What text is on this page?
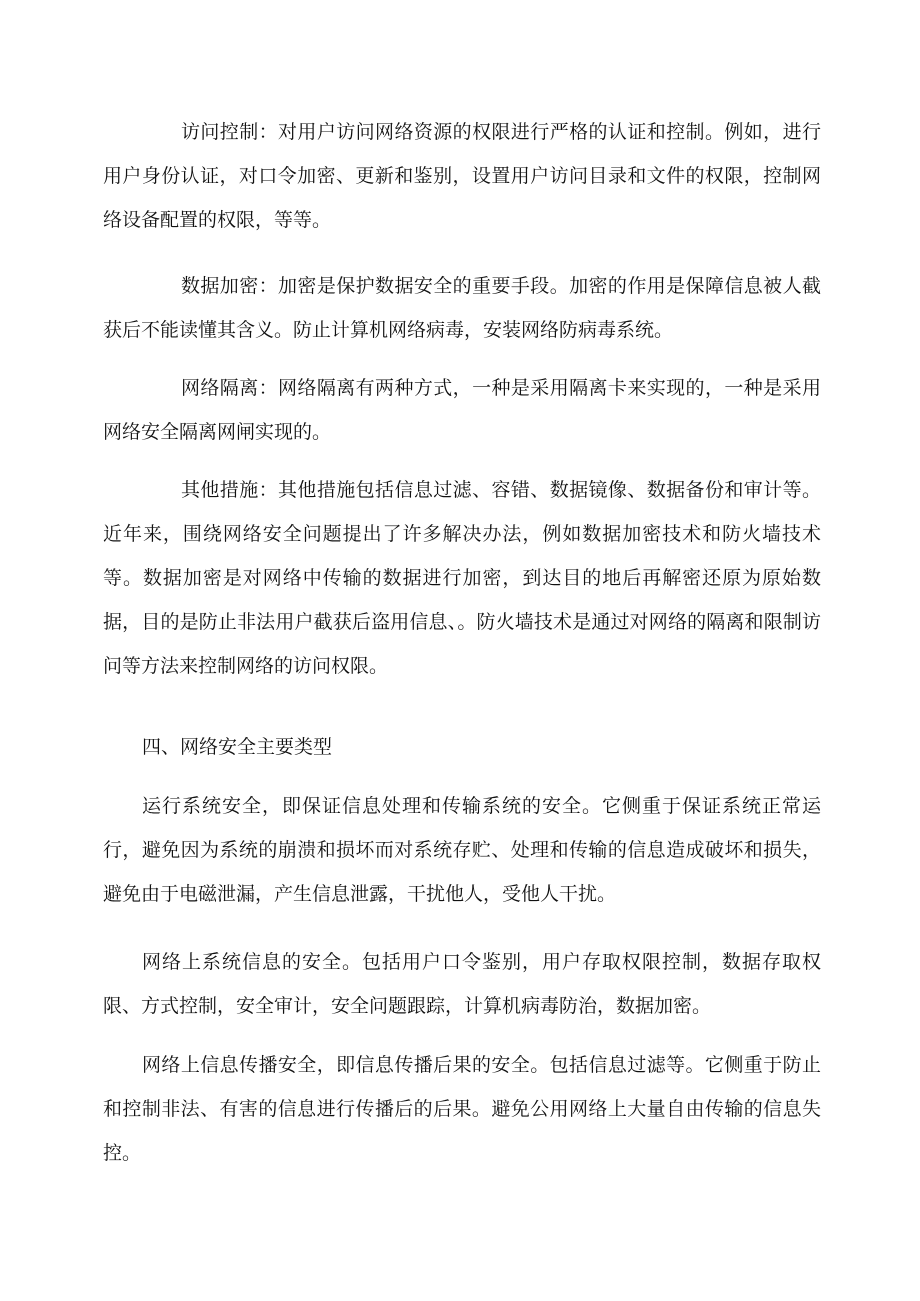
访问控制：对用户访问网络资源的权限进行严格的认证和控制。例如，进行用户身份认证，对口令加密、更新和鉴别，设置用户访问目录和文件的权限，控制网络设备配置的权限，等等。

数据加密：加密是保护数据安全的重要手段。加密的作用是保障信息被人截获后不能读懂其含义。防止计算机网络病毒，安装网络防病毒系统。

网络隔离：网络隔离有两种方式，一种是采用隔离卡来实现的，一种是采用网络安全隔离网闸实现的。

其他措施：其他措施包括信息过滤、容错、数据镜像、数据备份和审计等。近年来，围绕网络安全问题提出了许多解决办法，例如数据加密技术和防火墙技术等。数据加密是对网络中传输的数据进行加密，到达目的地后再解密还原为原始数据，目的是防止非法用户截获后盗用信息、。防火墙技术是通过对网络的隔离和限制访问等方法来控制网络的访问权限。

四、网络安全主要类型

运行系统安全，即保证信息处理和传输系统的安全。它侧重于保证系统正常运行，避免因为系统的崩溃和损坏而对系统存贮、处理和传输的信息造成破坏和损失，避免由于电磁泄漏，产生信息泄露，干扰他人，受他人干扰。

网络上系统信息的安全。包括用户口令鉴别，用户存取权限控制，数据存取权限、方式控制，安全审计，安全问题跟踪，计算机病毒防治，数据加密。

网络上信息传播安全，即信息传播后果的安全。包括信息过滤等。它侧重于防止和控制非法、有害的信息进行传播后的后果。避免公用网络上大量自由传输的信息失控。
